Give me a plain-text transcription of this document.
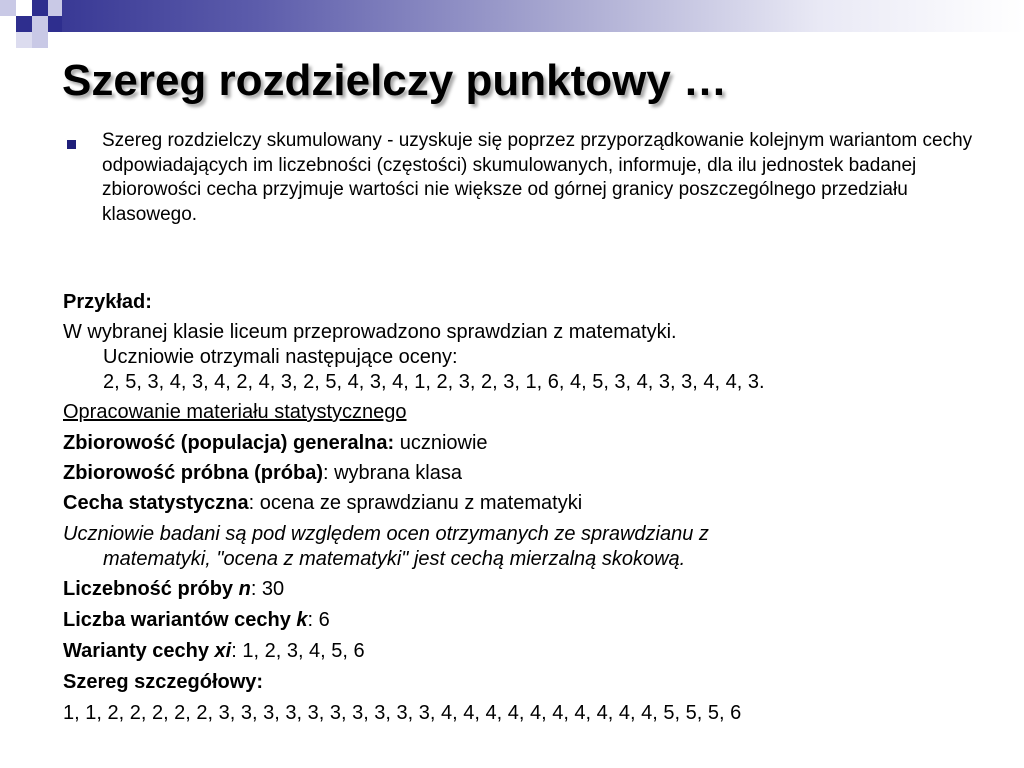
Szereg rozdzielczy punktowy …

Szereg rozdzielczy skumulowany - uzyskuje się poprzez przyporządkowanie kolejnym wariantom cechy odpowiadających im liczebności (częstości) skumulowanych, informuje, dla ilu jednostek badanej zbiorowości cecha przyjmuje wartości nie większe od górnej granicy poszczególnego przedziału klasowego.

Przykład:
W wybranej klasie liceum przeprowadzono sprawdzian z matematyki.
Uczniowie otrzymali następujące oceny:
2, 5, 3, 4, 3, 4, 2, 4, 3, 2, 5, 4, 3, 4, 1, 2, 3, 2, 3, 1, 6, 4, 5, 3, 4, 3, 3, 4, 4, 3.
Opracowanie materiału statystycznego
Zbiorowość (populacja) generalna: uczniowie
Zbiorowość próbna (próba): wybrana klasa
Cecha statystyczna: ocena ze sprawdzianu z matematyki
Uczniowie badani są pod względem ocen otrzymanych ze sprawdzianu z
matematyki, "ocena z matematyki" jest cechą mierzalną skokową.
Liczebność próby n: 30
Liczba wariantów cechy k: 6
Warianty cechy xi: 1, 2, 3, 4, 5, 6
Szereg szczegółowy:
1, 1, 2, 2, 2, 2, 2, 3, 3, 3, 3, 3, 3, 3, 3, 3, 3, 4, 4, 4, 4, 4, 4, 4, 4, 4, 4, 5, 5, 5, 6
